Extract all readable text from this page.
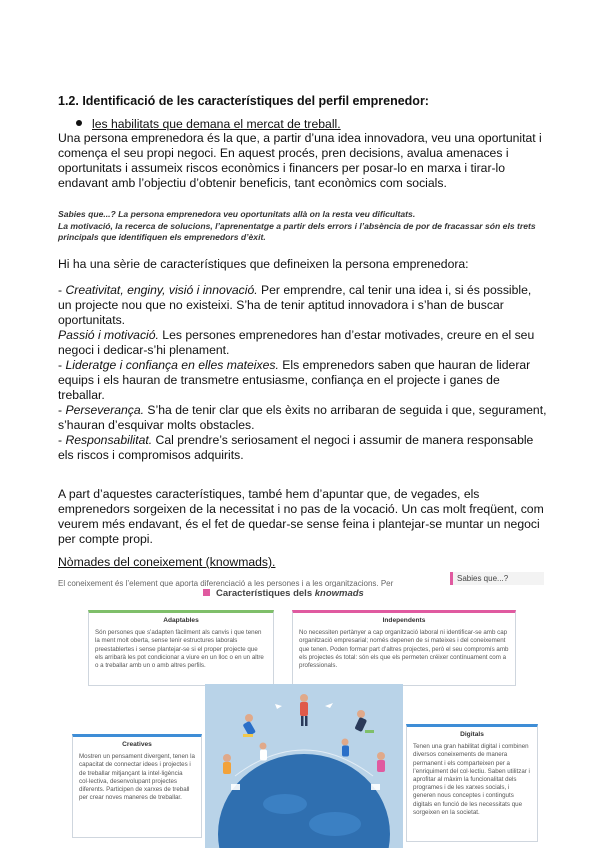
1.2. Identificació de les característiques del perfil emprenedor:
les habilitats que demana el mercat de treball.
Una persona emprenedora és la que, a partir d’una idea innovadora, veu una oportunitat i comença el seu propi negoci. En aquest procés, pren decisions, avalua amenaces i oportunitats i assumeix riscos econòmics i financers per posar-lo en marxa i tirar-lo endavant amb l’objectiu d’obtenir beneficis, tant econòmics com socials.
Sabies que...? La persona emprenedora veu oportunitats allà on la resta veu dificultats.
La motivació, la recerca de solucions, l’aprenentatge a partir dels errors i l’absència de por de fracassar són els trets principals que identifiquen els emprenedors d’èxit.
Hi ha una sèrie de característiques que defineixen la persona emprenedora:
- Creativitat, enginy, visió i innovació. Per emprendre, cal tenir una idea i, si és possible, un projecte nou que no existeixi. S’ha de tenir aptitud innovadora i s’han de buscar oportunitats.
Passió i motivació. Les persones emprenedores han d’estar motivades, creure en el seu negoci i dedicar-s’hi plenament.
- Lideratge i confiança en elles mateixes. Els emprenedors saben que hauran de liderar equips i els hauran de transmetre entusiasme, confiança en el projecte i ganes de treballar.
- Perseverança. S’ha de tenir clar que els èxits no arribaran de seguida i que, segurament, s’hauran d’esquivar molts obstacles.
- Responsabilitat. Cal prendre’s seriosament el negoci i assumir de manera responsable els riscos i compromisos adquirits.
A part d’aquestes característiques, també hem d’apuntar que, de vegades, els emprenedors sorgeixen de la necessitat i no pas de la vocació. Un cas molt freqüent, com veurem més endavant, és el fet de quedar-se sense feina i plantejar-se muntar un negoci per compte propi.
Nòmades del coneixement (knowmads).
El coneixement és l’element que aporta diferenciació a les persones i a les organitzacions. Per
Sabies que...?
Característiques dels knowmads
Adaptables
Són persones que s’adapten fàcilment als canvis i que tenen la ment molt oberta, sense tenir estructures laborals preestablertes i sense plantejar-se si el proper projecte que els arribarà les pot condicionar a viure en un lloc o en un altre o a treballar amb un o amb altres perfils.
Independents
No necessiten pertànyer a cap organització laboral ni identificar-se amb cap organització empresarial; només depenen de si mateixes i del coneixement que tenen. Poden formar part d’altres projectes, però el seu compromís amb els projectes és total: són els que els permeten créixer contínuament com a professionals.
Creatives
Mostren un pensament divergent, tenen la capacitat de connectar idees i projectes i de treballar mitjançant la intel·ligència col·lectiva, desenvolupant projectes diferents. Participen de xarxes de treball per crear noves maneres de treballar.
Digitals
Tenen una gran habilitat digital i combinen diversos coneixements de manera permanent i els comparteixen per a l’enriquiment del col·lectiu. Saben utilitzar i aprofitar al màxim la funcionalitat dels programes i de les xarxes socials, i generen nous conceptes i continguts digitals en funció de les necessitats que sorgeixen en la societat.
